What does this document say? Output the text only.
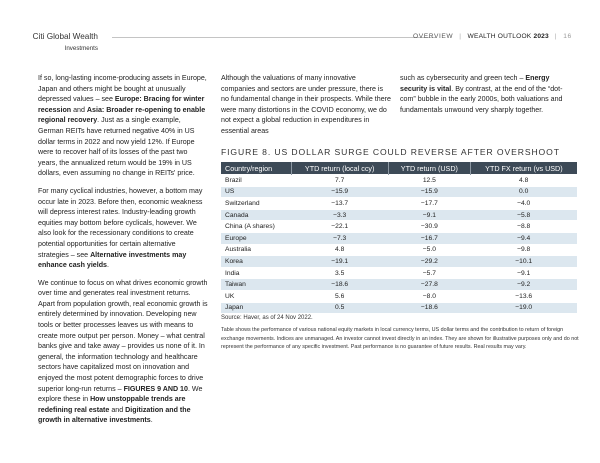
Citi Global Wealth
Investments
OVERVIEW | WEALTH OUTLOOK 2023 | 16

If so, long-lasting income-producing assets in Europe, Japan and others might be bought at unusually depressed values – see Europe: Bracing for winter recession and Asia: Broader re-opening to enable regional recovery. Just as a single example, German REITs have returned negative 40% in US dollar terms in 2022 and now yield 12%. If Europe were to recover half of its losses of the past two years, the annualized return would be 19% in US dollars, even assuming no change in REITs' price.

For many cyclical industries, however, a bottom may occur late in 2023. Before then, economic weakness will depress interest rates. Industry-leading growth equities may bottom before cyclicals, however. We also look for the recessionary conditions to create potential opportunities for certain alternative strategies – see Alternative investments may enhance cash yields.

We continue to focus on what drives economic growth over time and generates real investment returns. Apart from population growth, real economic growth is entirely determined by innovation. Developing new tools or better processes leaves us with means to create more output per person. Money – what central banks give and take away – provides us none of it. In general, the information technology and healthcare sectors have capitalized most on innovation and enjoyed the most potent demographic forces to drive superior long-run returns – FIGURES 9 AND 10. We explore these in How unstoppable trends are redefining real estate and Digitization and the growth in alternative investments.

Although the valuations of many innovative companies and sectors are under pressure, there is no fundamental change in their prospects. While there were many distortions in the COVID economy, we do not expect a global reduction in expenditures in essential areas

such as cybersecurity and green tech – Energy security is vital. By contrast, at the end of the “dot-com” bubble in the early 2000s, both valuations and fundamentals unwound very sharply together.

FIGURE 8. US DOLLAR SURGE COULD REVERSE AFTER OVERSHOOT
Country/region	YTD return (local ccy)	YTD return (USD)	YTD FX return (vs USD)
Brazil	7.7	12.5	4.8
US	−15.9	−15.9	0.0
Switzerland	−13.7	−17.7	−4.0
Canada	−3.3	−9.1	−5.8
China (A shares)	−22.1	−30.9	−8.8
Europe	−7.3	−16.7	−9.4
Australia	4.8	−5.0	−9.8
Korea	−19.1	−29.2	−10.1
India	3.5	−5.7	−9.1
Taiwan	−18.6	−27.8	−9.2
UK	5.6	−8.0	−13.6
Japan	0.5	−18.6	−19.0
Source: Haver, as of 24 Nov 2022.
Table shows the performance of various national equity markets in local currency terms, US dollar terms and the contribution to return of foreign exchange movements. Indices are unmanaged. An investor cannot invest directly in an index. They are shown for illustrative purposes only and do not represent the performance of any specific investment. Past performance is no guarantee of future results. Real results may vary.
